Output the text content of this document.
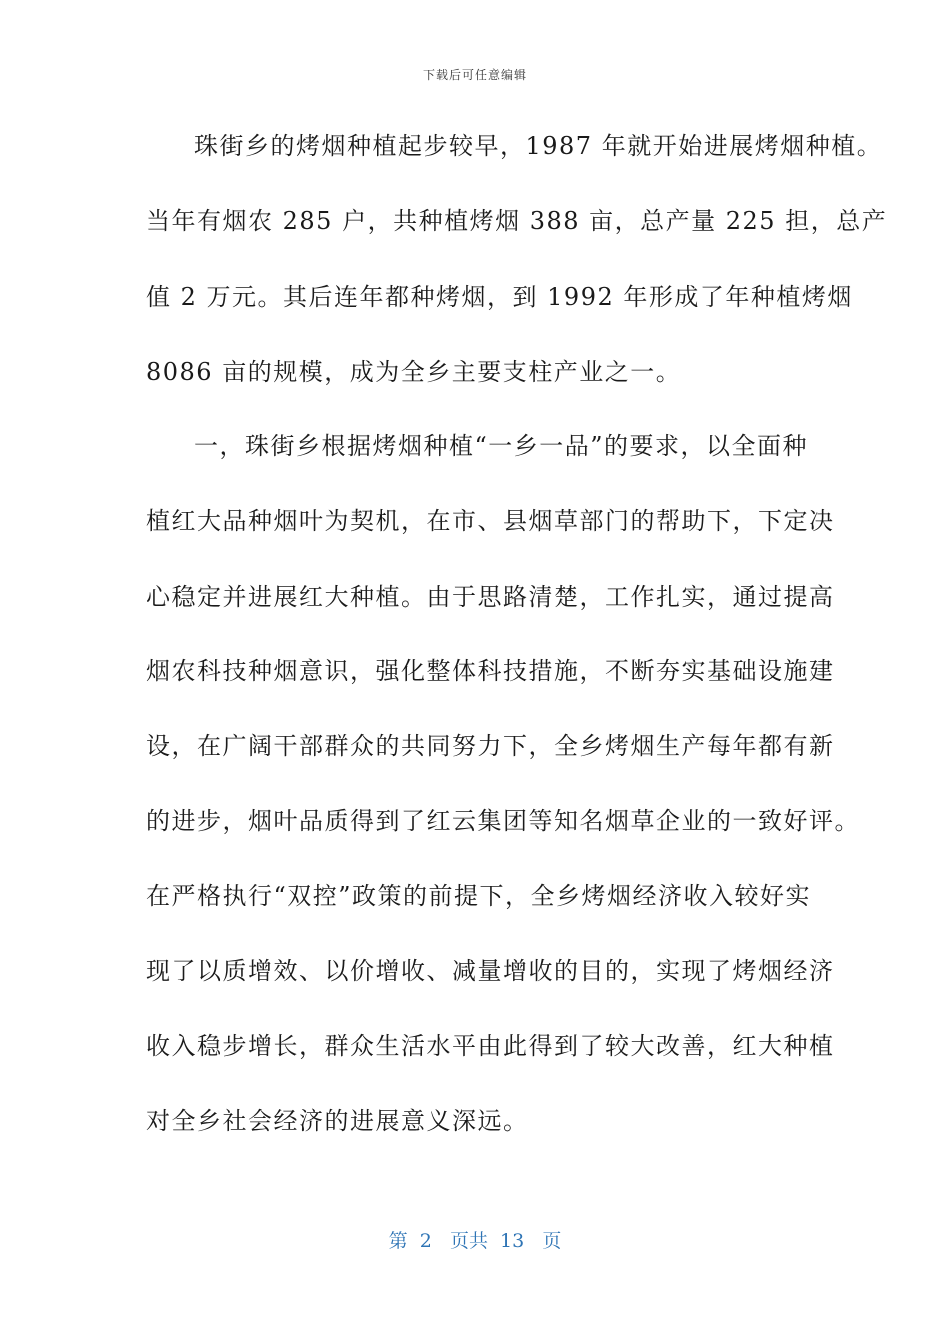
下载后可任意编辑
珠街乡的烤烟种植起步较早，1987 年就开始进展烤烟种植。
当年有烟农 285 户，共种植烤烟 388 亩，总产量 225 担，总产
值 2 万元。其后连年都种烤烟，到 1992 年形成了年种植烤烟
8086 亩的规模，成为全乡主要支柱产业之一。
一，珠街乡根据烤烟种植“一乡一品”的要求，以全面种
植红大品种烟叶为契机，在市、县烟草部门的帮助下，下定决
心稳定并进展红大种植。由于思路清楚，工作扎实，通过提高
烟农科技种烟意识，强化整体科技措施，不断夯实基础设施建
设，在广阔干部群众的共同努力下，全乡烤烟生产每年都有新
的进步，烟叶品质得到了红云集团等知名烟草企业的一致好评。
在严格执行“双控”政策的前提下，全乡烤烟经济收入较好实
现了以质增效、以价增收、减量增收的目的，实现了烤烟经济
收入稳步增长，群众生活水平由此得到了较大改善，红大种植
对全乡社会经济的进展意义深远。
第  2   页共  13   页
